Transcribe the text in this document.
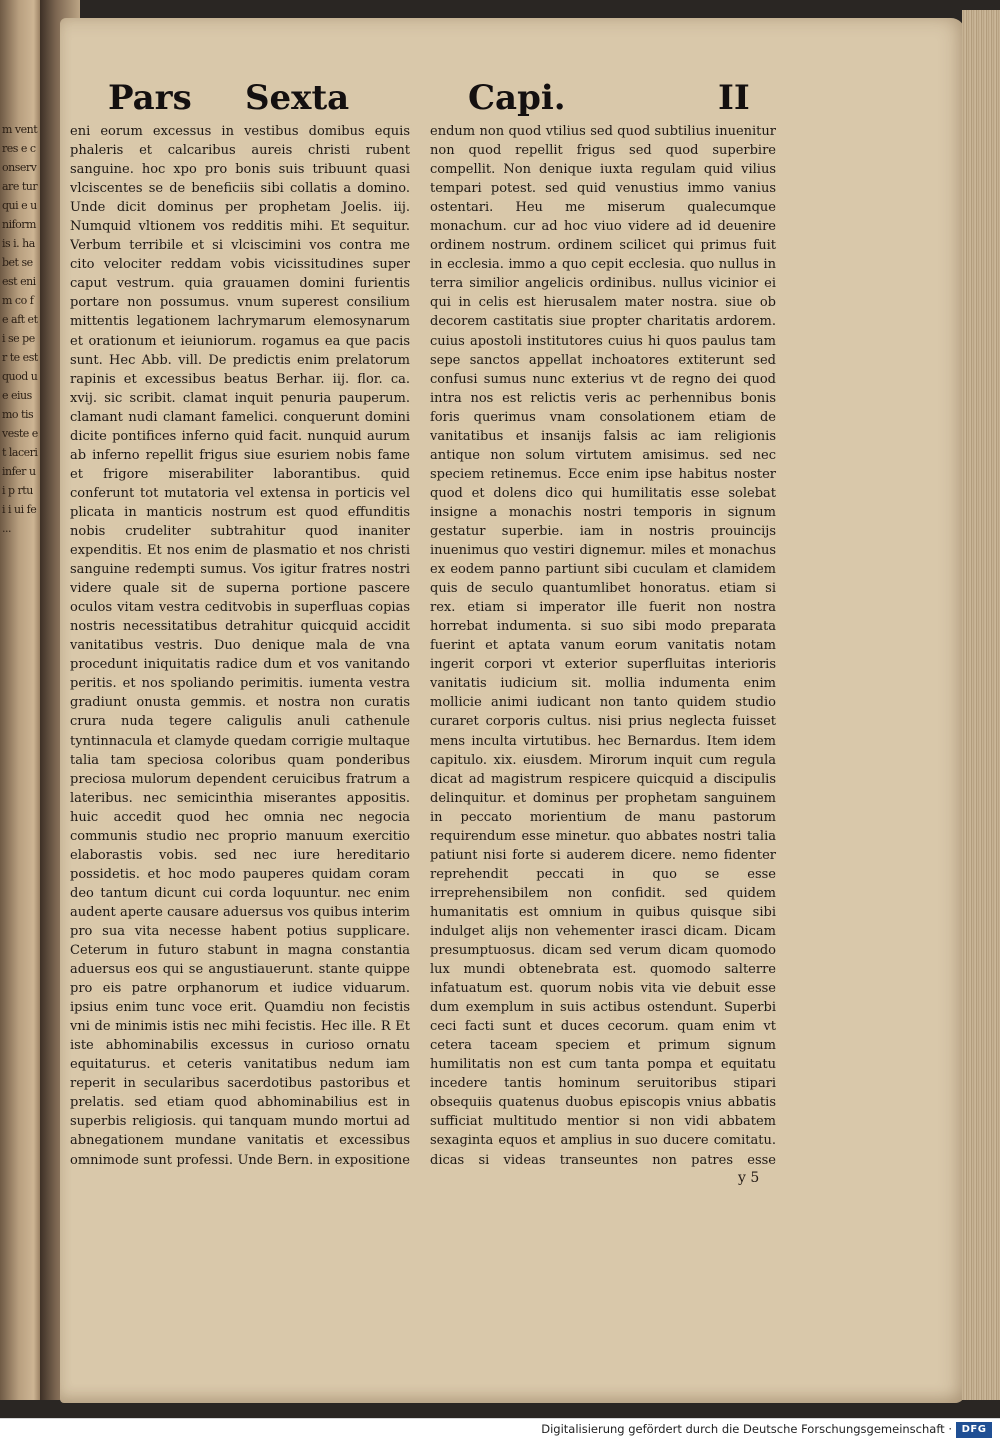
m ventres e conservare tur qui e uniformis i. habet se est enim co fe aft eti se per te est quod ue eius mo tis veste et laceri infer ui p rtu i i ui fe ...
Pars Sexta	Capi.	II

eni eorum excessus in vestibus domibus equis phaleris et calcaribus aureis christi rubent sanguine. hoc xpo pro bonis suis tribuunt quasi vlciscentes se de beneficiis sibi collatis a domino. Unde dicit dominus per prophetam Joelis. iij. Numquid vltionem vos redditis mihi. Et sequitur. Verbum terribile et si vlciscimini vos contra me cito velociter reddam vobis vicissitudines super caput vestrum. quia grauamen domini furientis portare non possumus. vnum superest consilium mittentis legationem lachrymarum elemosynarum et orationum et ieiuniorum. rogamus ea que pacis sunt. Hec Abb. vill. De predictis enim prelatorum rapinis et excessibus beatus Berhar. iij. flor. ca. xvij. sic scribit. clamat inquit penuria pauperum. clamant nudi clamant famelici. conquerunt domini dicite pontifices inferno quid facit. nunquid aurum ab inferno repellit frigus siue esuriem nobis fame et frigore miserabiliter laborantibus. quid conferunt tot mutatoria vel extensa in porticis vel plicata in manticis nostrum est quod effunditis nobis crudeliter subtrahitur quod inaniter expenditis. Et nos enim de plasmatio et nos christi sanguine redempti sumus. Vos igitur fratres nostri videre quale sit de superna portione pascere oculos vitam vestra ceditvobis in superfluas copias nostris necessitatibus detrahitur quicquid accidit vanitatibus vestris. Duo denique mala de vna procedunt iniquitatis radice dum et vos vanitando peritis. et nos spoliando perimitis. iumenta vestra gradiunt onusta gemmis. et nostra non curatis crura nuda tegere caligulis anuli cathenule tyntinnacula et clamyde quedam corrigie multaque talia tam speciosa coloribus quam ponderibus preciosa mulorum dependent ceruicibus fratrum a lateribus. nec semicinthia miserantes appositis. huic accedit quod hec omnia nec negocia communis studio nec proprio manuum exercitio elaborastis vobis. sed nec iure hereditario possidetis. et hoc modo pauperes quidam coram deo tantum dicunt cui corda loquuntur. nec enim audent aperte causare aduersus vos quibus interim pro sua vita necesse habent potius supplicare. Ceterum in futuro stabunt in magna constantia aduersus eos qui se angustiauerunt. stante quippe pro eis patre orphanorum et iudice viduarum. ipsius enim tunc voce erit. Quamdiu non fecistis vni de minimis istis nec mihi fecistis. Hec ille. R Et iste abhominabilis excessus in curioso ornatu equitaturus. et ceteris vanitatibus nedum iam reperit in secularibus sacerdotibus pastoribus et prelatis. sed etiam quod abhominabilius est in superbis religiosis. qui tanquam mundo mortui ad abnegationem mundane vanitatis et excessibus omnimode sunt professi. Unde Bern. in expositione

endum non quod vtilius sed quod subtilius inuenitur non quod repellit frigus sed quod superbire compellit. Non denique iuxta regulam quid vilius tempari potest. sed quid venustius immo vanius ostentari. Heu me miserum qualecumque monachum. cur ad hoc viuo videre ad id deuenire ordinem nostrum. ordinem scilicet qui primus fuit in ecclesia. immo a quo cepit ecclesia. quo nullus in terra similior angelicis ordinibus. nullus vicinior ei qui in celis est hierusalem mater nostra. siue ob decorem castitatis siue propter charitatis ardorem. cuius apostoli institutores cuius hi quos paulus tam sepe sanctos appellat inchoatores extiterunt sed confusi sumus nunc exterius vt de regno dei quod intra nos est relictis veris ac perhennibus bonis foris querimus vnam consolationem etiam de vanitatibus et insanijs falsis ac iam religionis antique non solum virtutem amisimus. sed nec speciem retinemus. Ecce enim ipse habitus noster quod et dolens dico qui humilitatis esse solebat insigne a monachis nostri temporis in signum gestatur superbie. iam in nostris prouincijs inuenimus quo vestiri dignemur. miles et monachus ex eodem panno partiunt sibi cuculam et clamidem quis de seculo quantumlibet honoratus. etiam si rex. etiam si imperator ille fuerit non nostra horrebat indumenta. si suo sibi modo preparata fuerint et aptata vanum eorum vanitatis notam ingerit corpori vt exterior superfluitas interioris vanitatis iudicium sit. mollia indumenta enim mollicie animi iudicant non tanto quidem studio curaret corporis cultus. nisi prius neglecta fuisset mens inculta virtutibus. hec Bernardus. Item idem capitulo. xix. eiusdem. Mirorum inquit cum regula dicat ad magistrum respicere quicquid a discipulis delinquitur. et dominus per prophetam sanguinem in peccato morientium de manu pastorum requirendum esse minetur. quo abbates nostri talia patiunt nisi forte si auderem dicere. nemo fidenter reprehendit peccati in quo se esse irreprehensibilem non confidit. sed quidem humanitatis est omnium in quibus quisque sibi indulget alijs non vehementer irasci dicam. Dicam presumptuosus. dicam sed verum dicam quomodo lux mundi obtenebrata est. quomodo salterre infatuatum est. quorum nobis vita vie debuit esse dum exemplum in suis actibus ostendunt. Superbi ceci facti sunt et duces cecorum. quam enim vt cetera taceam speciem et primum signum humilitatis non est cum tanta pompa et equitatu incedere tantis hominum seruitoribus stipari obsequiis quatenus duobus episcopis vnius abbatis sufficiat multitudo mentior si non vidi abbatem sexaginta equos et amplius in suo ducere comitatu. dicas si videas transeuntes non patres esse

y 5
Digitalisierung gefördert durch die Deutsche Forschungsgemeinschaft · DFG
